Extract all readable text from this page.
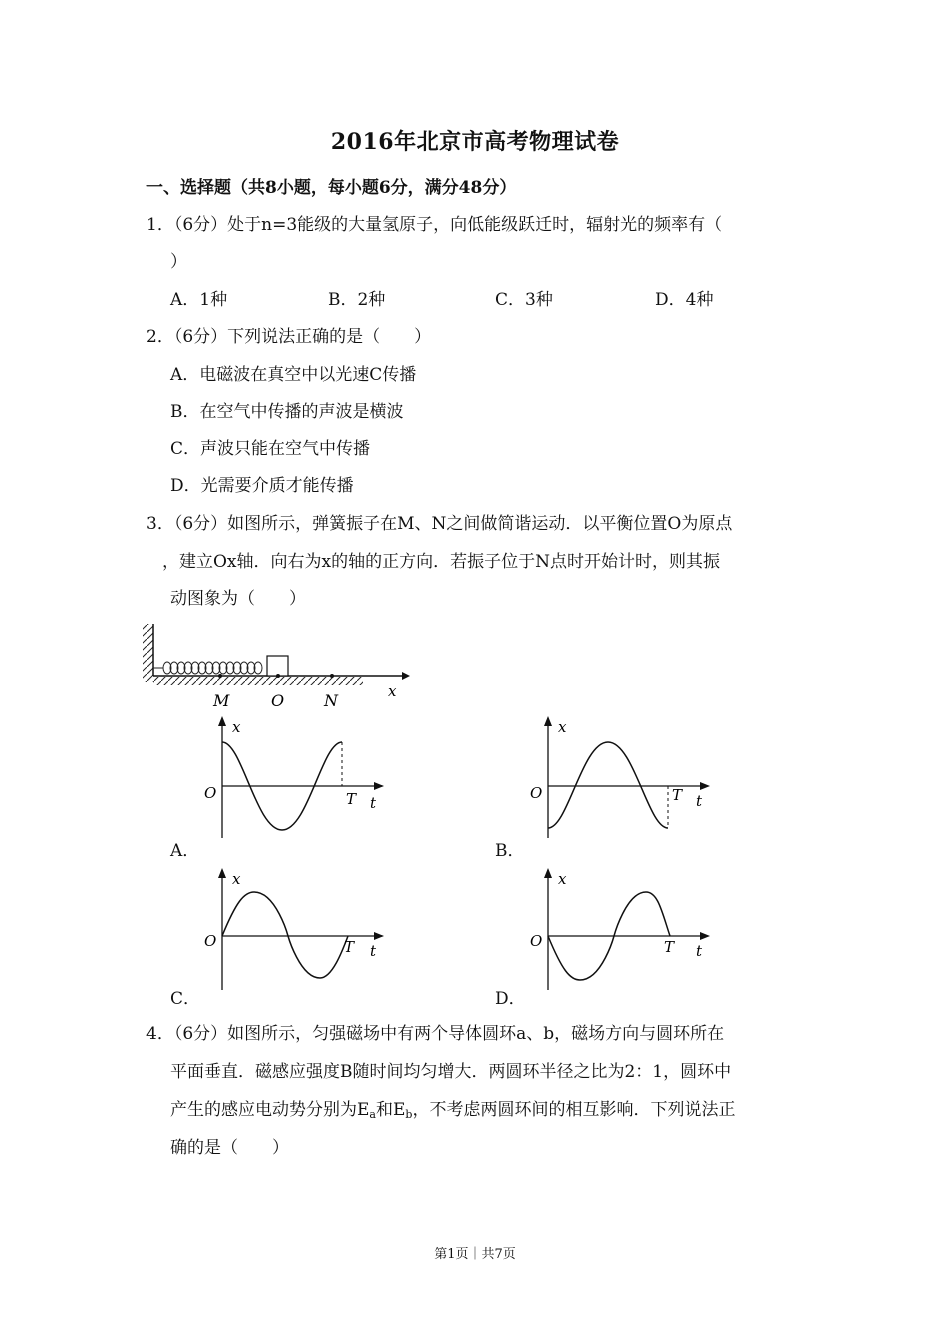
2016年北京市高考物理试卷
一、选择题（共8小题，每小题6分，满分48分）
1．（6分）处于n=3能级的大量氢原子，向低能级跃迁时，辐射光的频率有（
）
A．1种	B．2种	C．3种	D．4种
2．（6分）下列说法正确的是（　　）
A．电磁波在真空中以光速C传播
B．在空气中传播的声波是横波
C．声波只能在空气中传播
D．光需要介质才能传播
3．（6分）如图所示，弹簧振子在M、N之间做简谐运动．以平衡位置O为原点
，建立Ox轴．向右为x的轴的正方向．若振子位于N点时开始计时，则其振
动图象为（　　）
M	O N	x
x
O	T t
A．
x
O	T t
B．
x
O	T t
C．
x
O	T t
D．
4．（6分）如图所示，匀强磁场中有两个导体圆环a、b，磁场方向与圆环所在
平面垂直．磁感应强度B随时间均匀增大．两圆环半径之比为2：1，圆环中
产生的感应电动势分别为$E_a$和$E_b$，不考虑两圆环间的相互影响．下列说法正
确的是（　　）
第1页｜共7页
